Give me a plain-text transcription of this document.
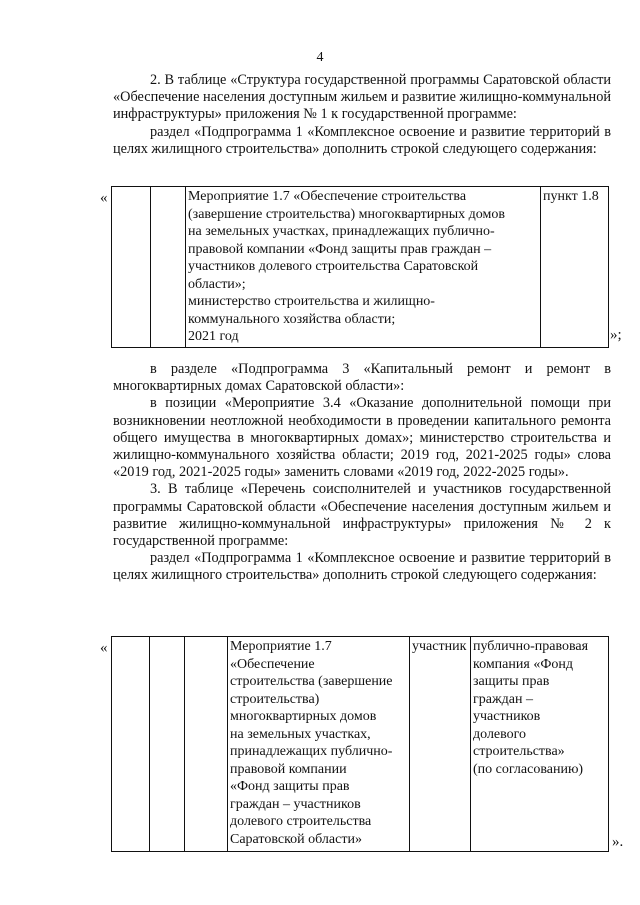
4

2. В таблице «Структура государственной программы Саратовской области «Обеспечение населения доступным жильем и развитие жилищно-коммунальной инфраструктуры» приложения № 1 к государственной программе:

раздел «Подпрограмма 1 «Комплексное освоение и развитие территорий в целях жилищного строительства» дополнить строкой следующего содержания:

«
			Мероприятие 1.7 «Обеспечение строительства
(завершение строительства) многоквартирных домов
на земельных участках, принадлежащих публично-
правовой компании «Фонд защиты прав граждан –
участников долевого строительства Саратовской
области»;
министерство строительства и жилищно-
коммунального хозяйства области;
2021 год
	пункт 1.8
»;

в разделе «Подпрограмма 3 «Капитальный ремонт и ремонт в многоквартирных домах Саратовской области»:

в позиции «Мероприятие 3.4 «Оказание дополнительной помощи при возникновении неотложной необходимости в проведении капитального ремонта общего имущества в многоквартирных домах»; министерство строительства и жилищно-коммунального хозяйства области; 2019 год, 2021-2025 годы» слова «2019 год, 2021-2025 годы» заменить словами «2019 год, 2022-2025 годы».

3. В таблице «Перечень соисполнителей и участников государственной программы Саратовской области «Обеспечение населения доступным жильем и развитие жилищно-коммунальной инфраструктуры» приложения № 2 к государственной программе:

раздел «Подпрограмма 1 «Комплексное освоение и развитие территорий в целях жилищного строительства» дополнить строкой следующего содержания:

«
				Мероприятие 1.7
«Обеспечение
строительства (завершение
строительства)
многоквартирных домов
на земельных участках,
принадлежащих публично-
правовой компании
«Фонд защиты прав
граждан – участников
долевого строительства
Саратовской области»
	участник	публично-правовая
компания «Фонд
защиты прав
граждан –
участников
долевого
строительства»
(по согласованию)
».
